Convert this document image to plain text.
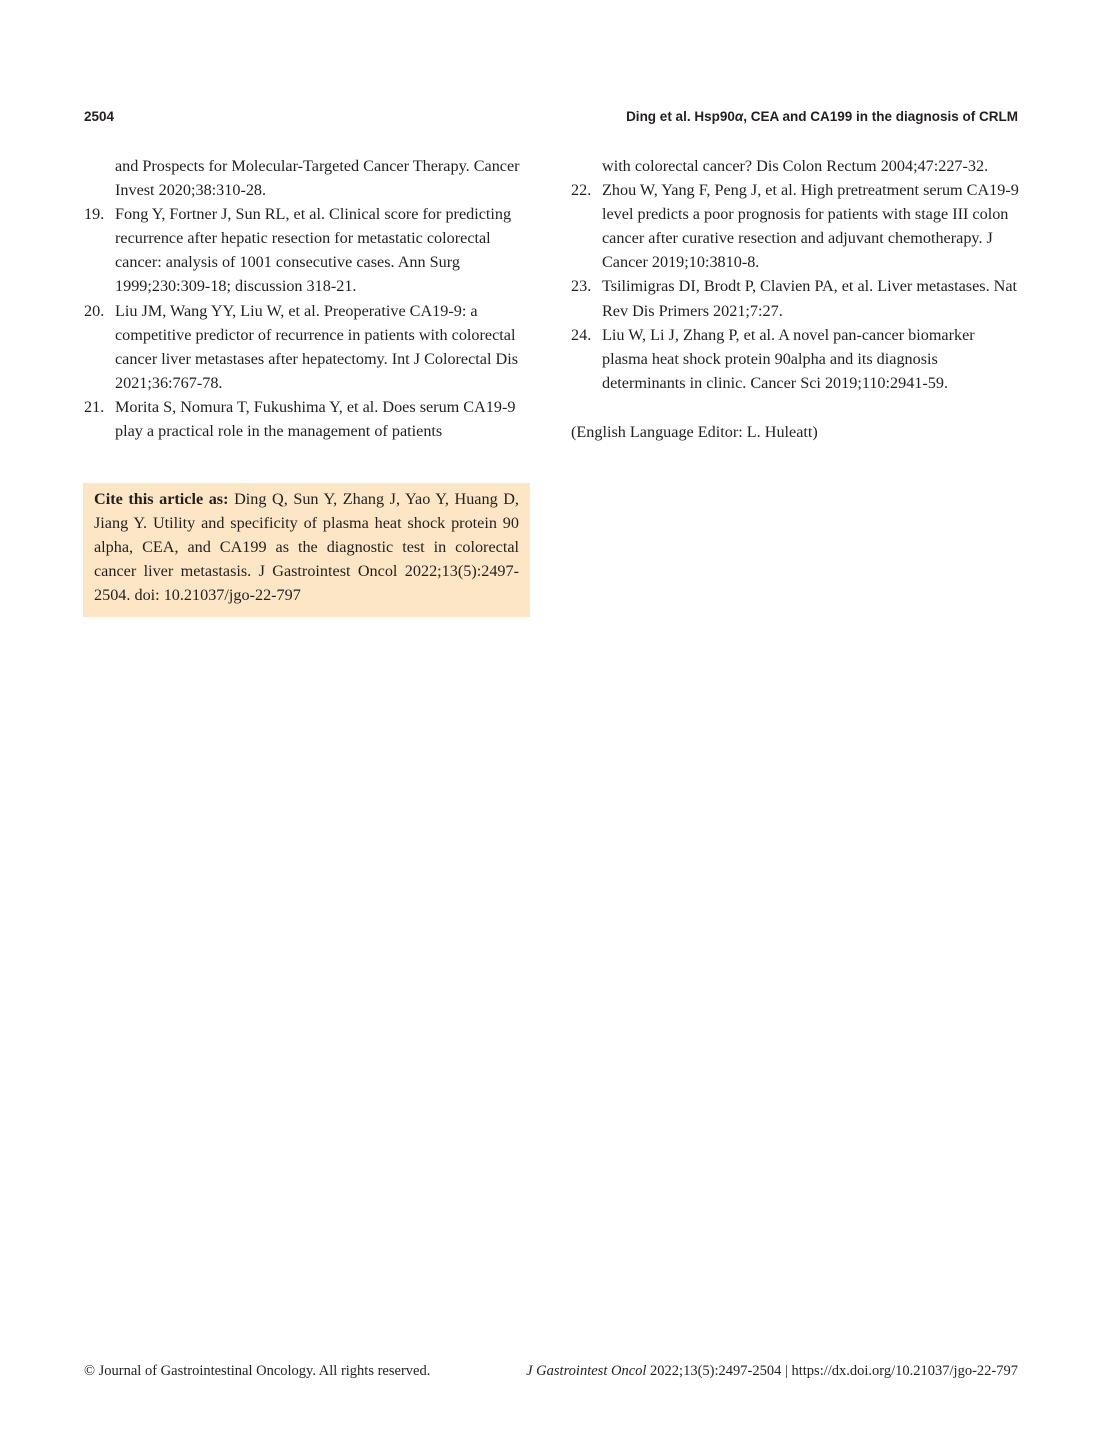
2504	Ding et al. Hsp90α, CEA and CA199 in the diagnosis of CRLM

and Prospects for Molecular-Targeted Cancer Therapy. Cancer Invest 2020;38:310-28.

19. Fong Y, Fortner J, Sun RL, et al. Clinical score for predicting recurrence after hepatic resection for metastatic colorectal cancer: analysis of 1001 consecutive cases. Ann Surg 1999;230:309-18; discussion 318-21.

20. Liu JM, Wang YY, Liu W, et al. Preoperative CA19-9: a competitive predictor of recurrence in patients with colorectal cancer liver metastases after hepatectomy. Int J Colorectal Dis 2021;36:767-78.

21. Morita S, Nomura T, Fukushima Y, et al. Does serum CA19-9 play a practical role in the management of patients

with colorectal cancer? Dis Colon Rectum 2004;47:227-32.

22. Zhou W, Yang F, Peng J, et al. High pretreatment serum CA19-9 level predicts a poor prognosis for patients with stage III colon cancer after curative resection and adjuvant chemotherapy. J Cancer 2019;10:3810-8.

23. Tsilimigras DI, Brodt P, Clavien PA, et al. Liver metastases. Nat Rev Dis Primers 2021;7:27.

24. Liu W, Li J, Zhang P, et al. A novel pan-cancer biomarker plasma heat shock protein 90alpha and its diagnosis determinants in clinic. Cancer Sci 2019;110:2941-59.

(English Language Editor: L. Huleatt)

Cite this article as: Ding Q, Sun Y, Zhang J, Yao Y, Huang D, Jiang Y. Utility and specificity of plasma heat shock protein 90 alpha, CEA, and CA199 as the diagnostic test in colorectal cancer liver metastasis. J Gastrointest Oncol 2022;13(5):2497-2504. doi: 10.21037/jgo-22-797
© Journal of Gastrointestinal Oncology. All rights reserved.	J Gastrointest Oncol 2022;13(5):2497-2504 | https://dx.doi.org/10.21037/jgo-22-797
